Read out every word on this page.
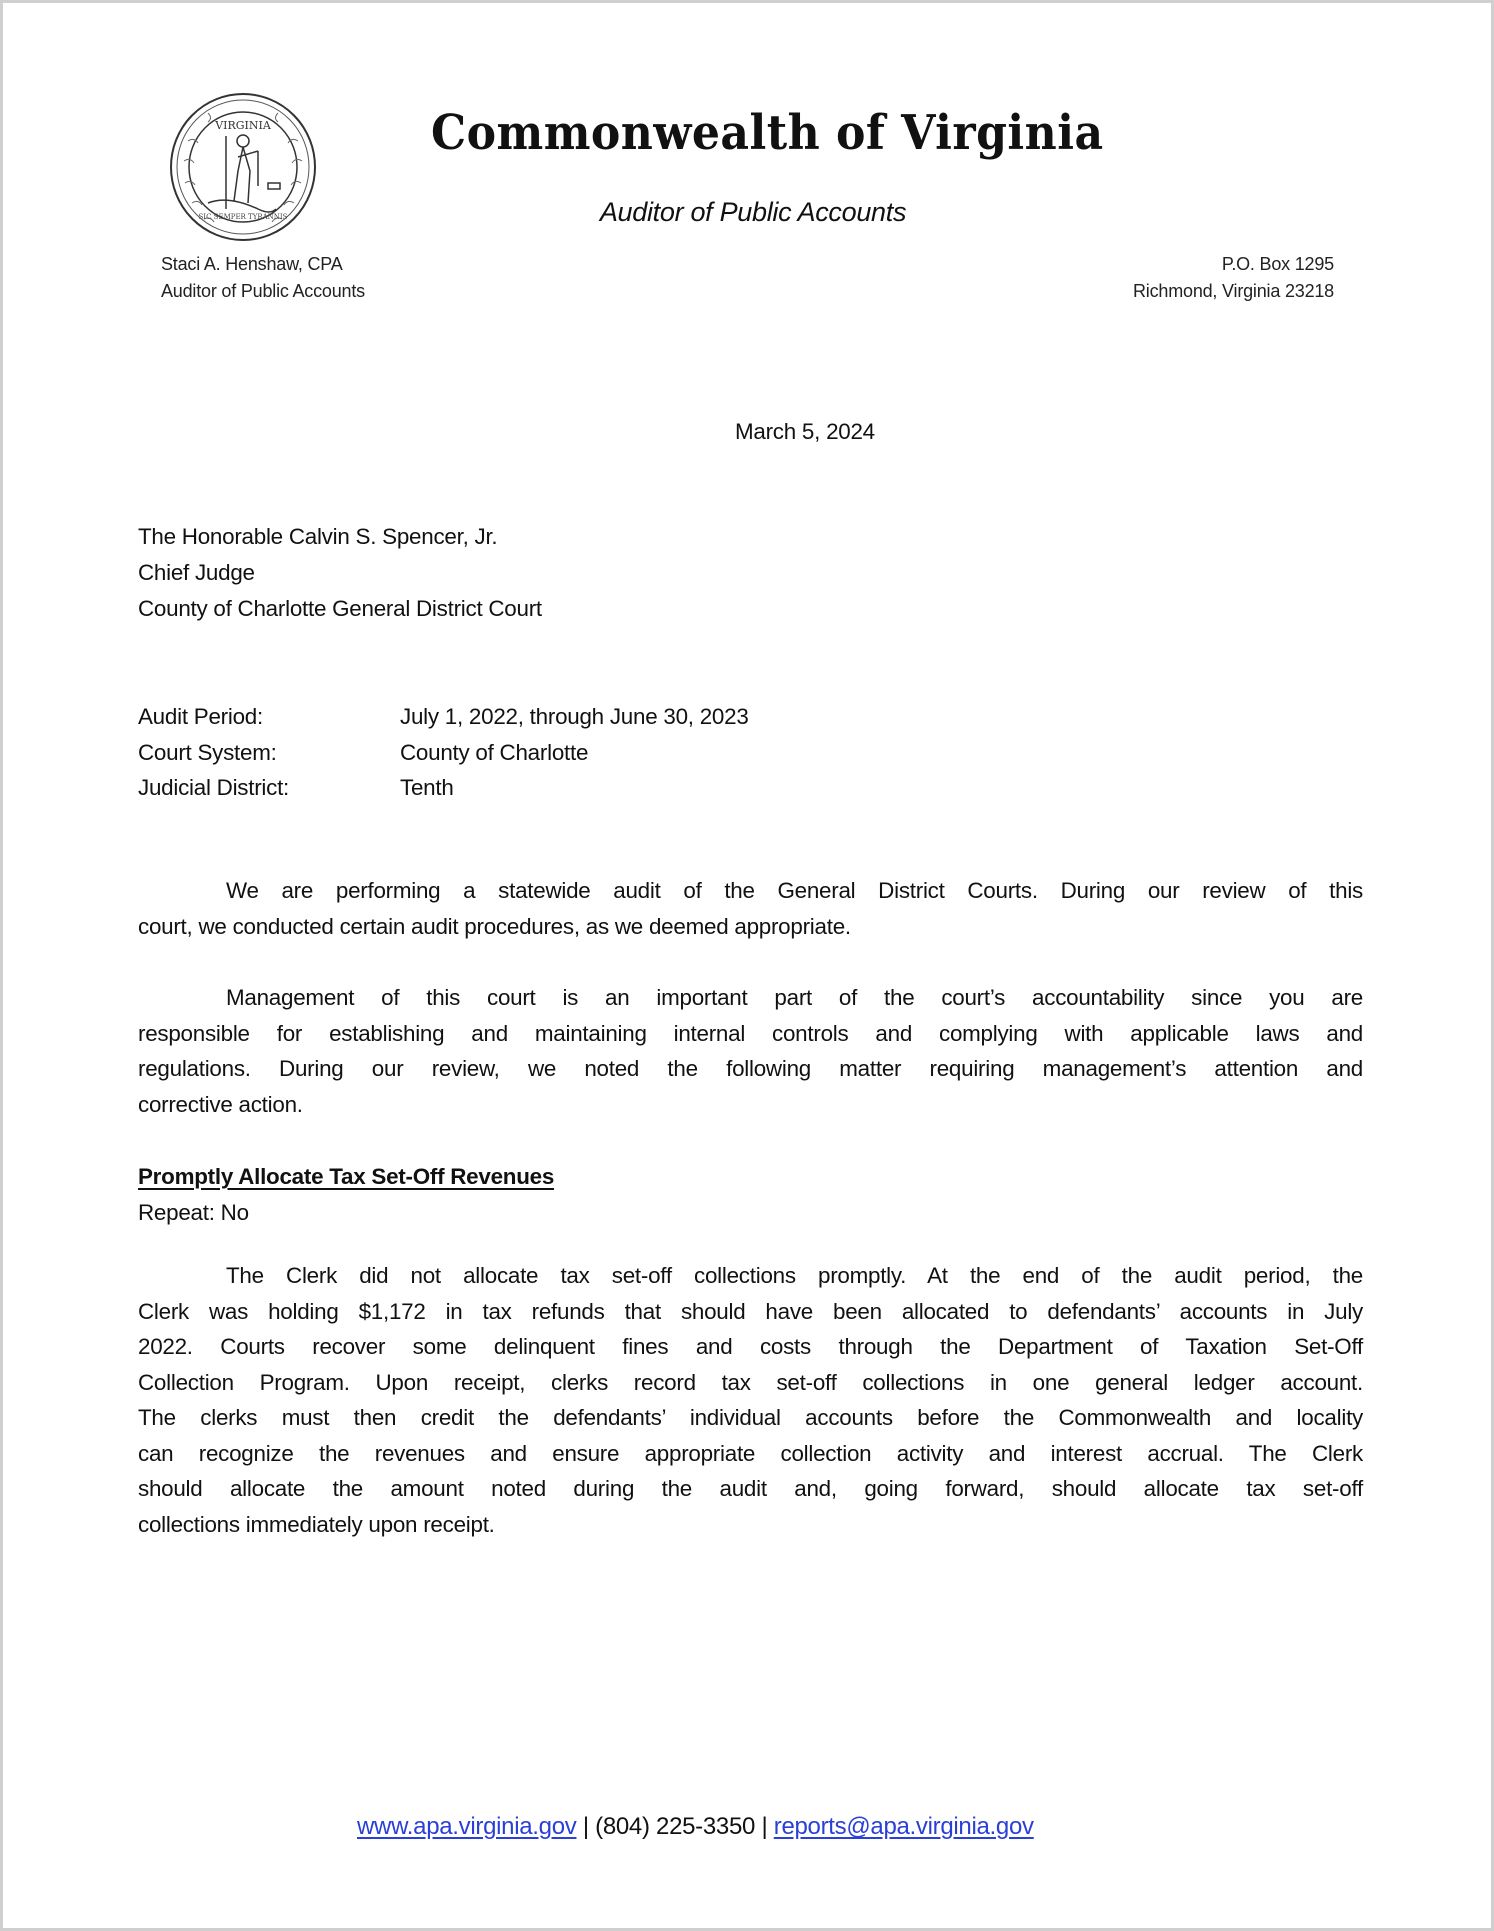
VIRGINIA
SIC SEMPER TYRANNIS
Commonwealth of Virginia
Auditor of Public Accounts
Staci A. Henshaw, CPA
Auditor of Public Accounts
P.O. Box 1295
Richmond, Virginia 23218
March 5, 2024
The Honorable Calvin S. Spencer, Jr.
Chief Judge
County of Charlotte General District Court
Audit Period:	July 1, 2022, through June 30, 2023
Court System:	County of Charlotte
Judicial District:	Tenth
We are performing a statewide audit of the General District Courts. During our review of this
court, we conducted certain audit procedures, as we deemed appropriate.
Management of this court is an important part of the court’s accountability since you are
responsible for establishing and maintaining internal controls and complying with applicable laws and
regulations. During our review, we noted the following matter requiring management’s attention and
corrective action.
Promptly Allocate Tax Set-Off Revenues
Repeat: No
The Clerk did not allocate tax set-off collections promptly. At the end of the audit period, the
Clerk was holding $1,172 in tax refunds that should have been allocated to defendants’ accounts in July
2022. Courts recover some delinquent fines and costs through the Department of Taxation Set-Off
Collection Program. Upon receipt, clerks record tax set-off collections in one general ledger account.
The clerks must then credit the defendants’ individual accounts before the Commonwealth and locality
can recognize the revenues and ensure appropriate collection activity and interest accrual. The Clerk
should allocate the amount noted during the audit and, going forward, should allocate tax set-off
collections immediately upon receipt.
www.apa.virginia.gov | (804) 225-3350 | reports@apa.virginia.gov
